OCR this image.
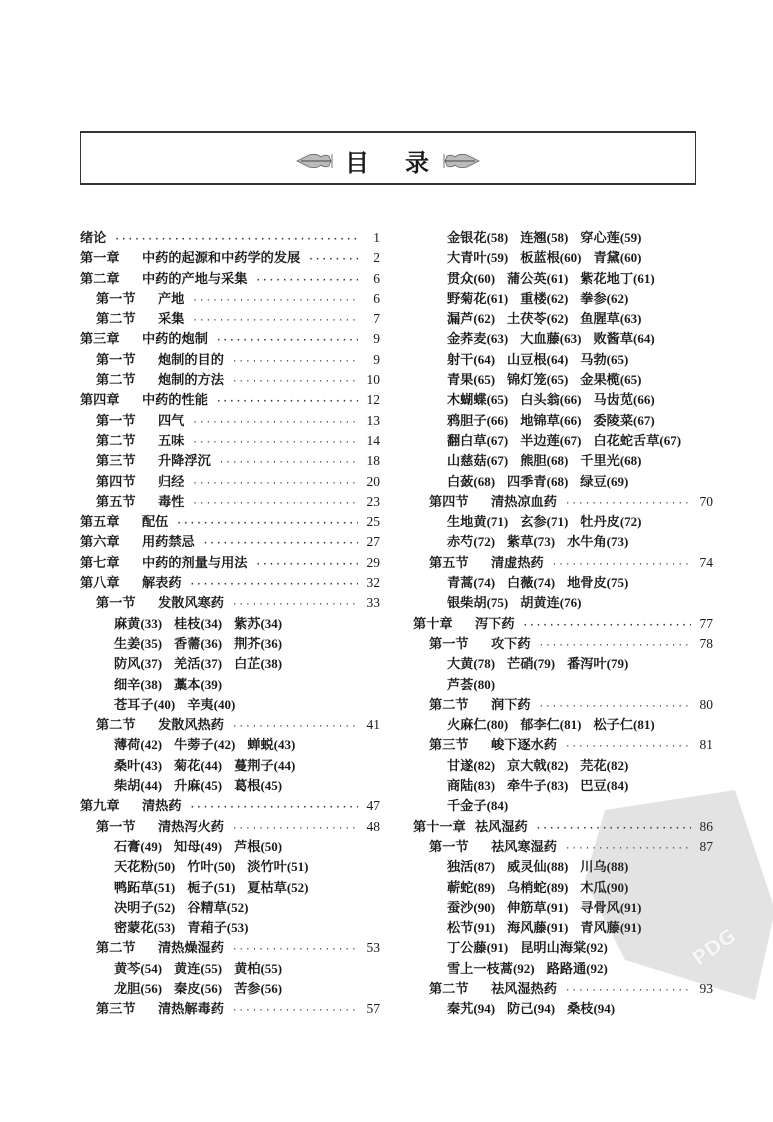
目 录
绪论 ·····	1
第一章 中药的起源和中药学的发展 ·····	2
第二章 中药的产地与采集 ·····	6
第一节 产地 ·····	6
第二节 采集 ·····	7
第三章 中药的炮制 ·····	9
第一节 炮制的目的 ·····	9
第二节 炮制的方法 ·····	10
第四章 中药的性能 ·····	12
第一节 四气 ·····	13
第二节 五味 ·····	14
第三节 升降浮沉 ·····	18
第四节 归经 ·····	20
第五节 毒性 ·····	23
第五章 配伍 ·····	25
第六章 用药禁忌 ·····	27
第七章 中药的剂量与用法 ·····	29
第八章 解表药 ·····	32
第一节 发散风寒药 ·····	33
麻黄(33) 桂枝(34) 紫苏(34)
生姜(35) 香薷(36) 荆芥(36)
防风(37) 羌活(37) 白芷(38)
细辛(38) 藁本(39)
苍耳子(40) 辛夷(40)
第二节 发散风热药 ·····	41
薄荷(42) 牛蒡子(42) 蝉蜕(43)
桑叶(43) 菊花(44) 蔓荆子(44)
柴胡(44) 升麻(45) 葛根(45)
第九章 清热药 ·····	47
第一节 清热泻火药 ·····	48
石膏(49) 知母(49) 芦根(50)
天花粉(50) 竹叶(50) 淡竹叶(51)
鸭跖草(51) 栀子(51) 夏枯草(52)
决明子(52) 谷精草(52)
密蒙花(53) 青葙子(53)
第二节 清热燥湿药 ·····	53
黄芩(54) 黄连(55) 黄柏(55)
龙胆(56) 秦皮(56) 苦参(56)
第三节 清热解毒药 ·····	57
金银花(58) 连翘(58) 穿心莲(59)
大青叶(59) 板蓝根(60) 青黛(60)
贯众(60) 蒲公英(61) 紫花地丁(61)
野菊花(61) 重楼(62) 拳参(62)
漏芦(62) 土茯苓(62) 鱼腥草(63)
金荞麦(63) 大血藤(63) 败酱草(64)
射干(64) 山豆根(64) 马勃(65)
青果(65) 锦灯笼(65) 金果榄(65)
木蝴蝶(65) 白头翁(66) 马齿苋(66)
鸦胆子(66) 地锦草(66) 委陵菜(67)
翻白草(67) 半边莲(67) 白花蛇舌草(67)
山慈菇(67) 熊胆(68) 千里光(68)
白蔹(68) 四季青(68) 绿豆(69)
第四节 清热凉血药 ·····	70
生地黄(71) 玄参(71) 牡丹皮(72)
赤芍(72) 紫草(73) 水牛角(73)
第五节 清虚热药 ·····	74
青蒿(74) 白薇(74) 地骨皮(75)
银柴胡(75) 胡黄连(76)
第十章 泻下药 ·····	77
第一节 攻下药 ·····	78
大黄(78) 芒硝(79) 番泻叶(79)
芦荟(80)
第二节 润下药 ·····	80
火麻仁(80) 郁李仁(81) 松子仁(81)
第三节 峻下逐水药 ·····	81
甘遂(82) 京大戟(82) 芫花(82)
商陆(83) 牵牛子(83) 巴豆(84)
千金子(84)
第十一章 祛风湿药 ·····	86
第一节 祛风寒湿药 ·····	87
独活(87) 威灵仙(88) 川乌(88)
蕲蛇(89) 乌梢蛇(89) 木瓜(90)
蚕沙(90) 伸筋草(91) 寻骨风(91)
松节(91) 海风藤(91) 青风藤(91)
丁公藤(91) 昆明山海棠(92)
雪上一枝蒿(92) 路路通(92)
第二节 祛风湿热药 ·····	93
秦艽(94) 防己(94) 桑枝(94)
PDG
